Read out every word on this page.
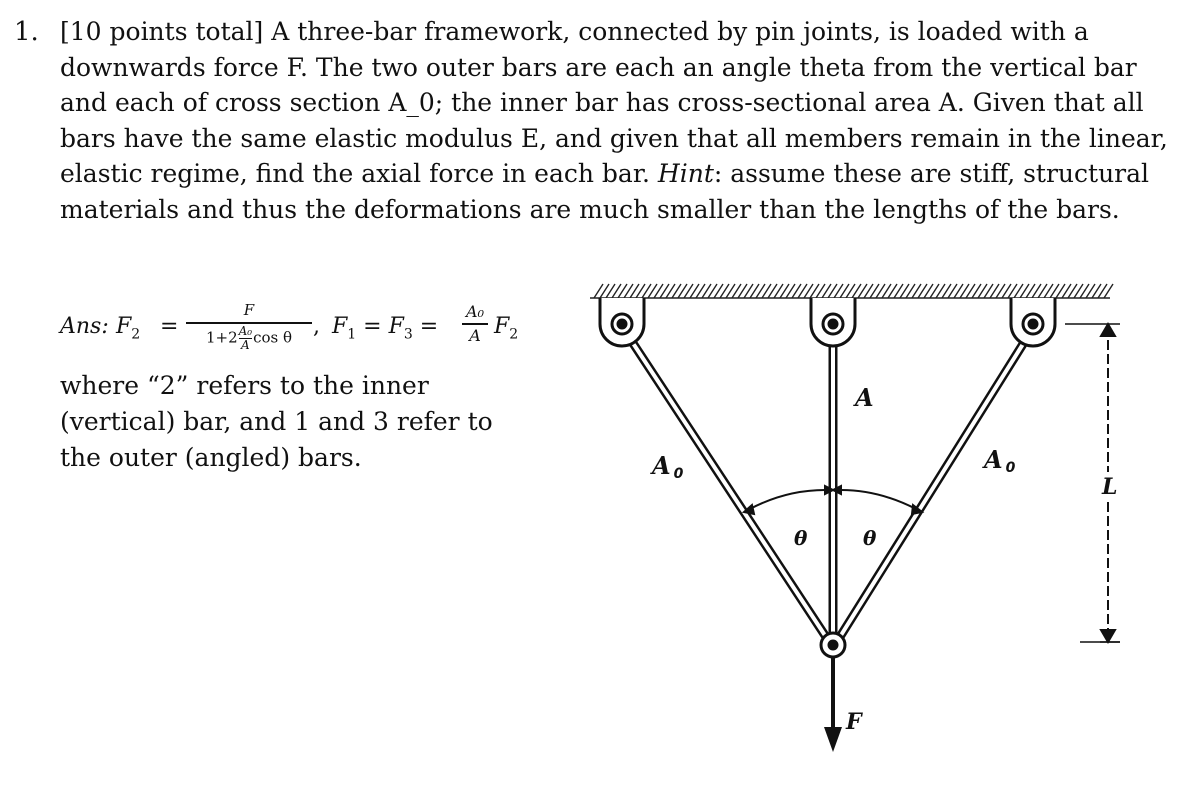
1. [10 points total] A three-bar framework, connected by pin joints, is loaded with a downwards force F. The two outer bars are each an angle theta from the vertical bar and each of cross section A_0; the inner bar has cross-sectional area A. Given that all bars have the same elastic modulus E, and given that all members remain in the linear, elastic regime, find the axial force in each bar. Hint: assume these are stiff, structural materials and thus the deformations are much smaller than the lengths of the bars.
Ans: $F_2$ =
F
$1+2\frac{\text{A₀}}{A}\cos$ θ , $F_1 = F_3$ =
A₀
A $F_2$
where “2” refers to the inner (vertical) bar, and 1 and 3 refer to the outer (angled) bars.	A 0	A 0
A
θ	θ
L
F
